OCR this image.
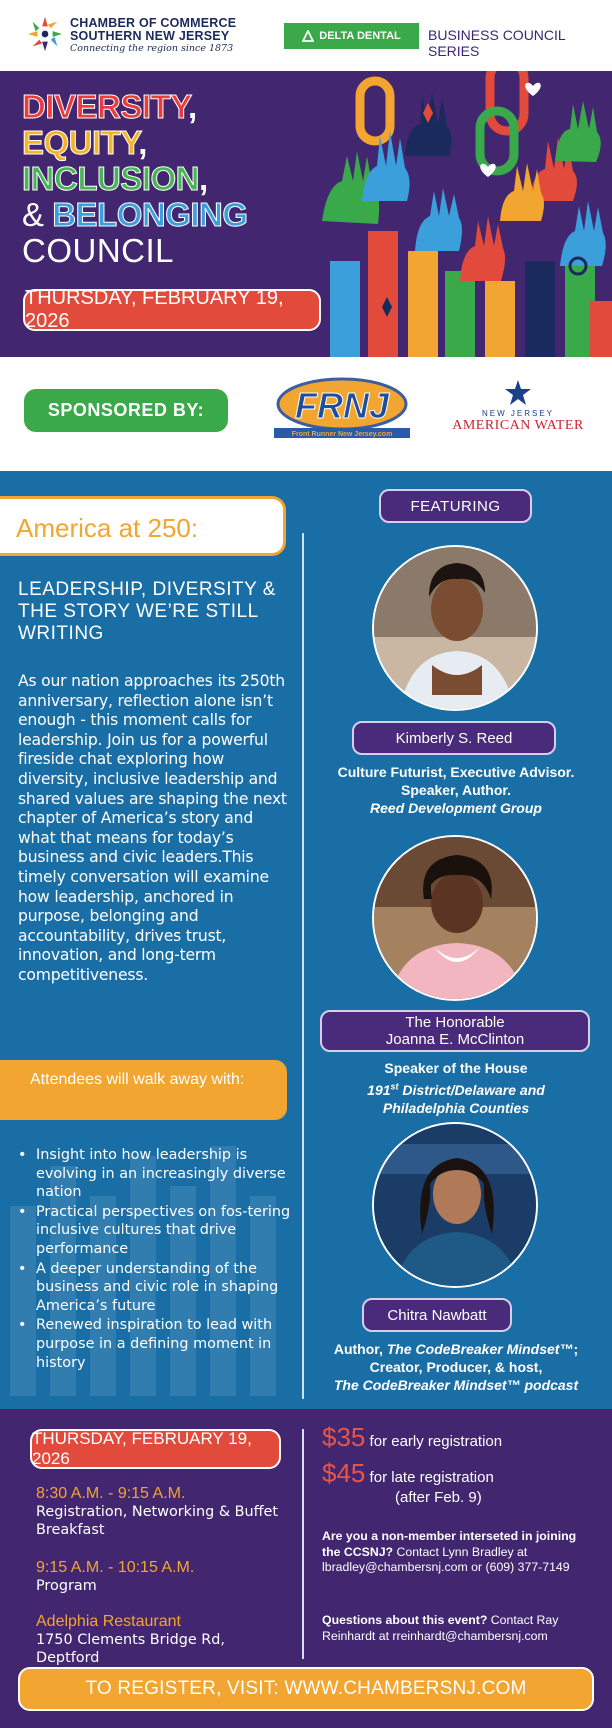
CHAMBER OF COMMERCE
SOUTHERN NEW JERSEY
Connecting the region since 1873
DELTA DENTAL BUSINESS COUNCIL SERIES
DIVERSITY,
EQUITY,
INCLUSION,
& BELONGING
COUNCIL
THURSDAY, FEBRUARY 19, 2026
SPONSORED BY:	FRNJ
Front Runner New Jersey.com
NEW JERSEY
AMERICAN WATER
America at 250:
LEADERSHIP, DIVERSITY & THE STORY WE’RE STILL WRITING
As our nation approaches its 250th anniversary, reflection alone isn’t enough - this moment calls for leadership. Join us for a powerful fireside chat exploring how diversity, inclusive leadership and shared values are shaping the next chapter of America’s story and what that means for today’s business and civic leaders.This timely conversation will examine how leadership, anchored in purpose, belonging and accountability, drives trust, innovation, and long-term competitiveness.
Attendees will walk away with:
• Insight into how leadership is evolving in an increasingly diverse nation
• Practical perspectives on fos-tering inclusive cultures that drive performance
• A deeper understanding of the business and civic role in shaping America’s future
• Renewed inspiration to lead with purpose in a defining moment in history
FEATURING
Kimberly S. Reed
Culture Futurist, Executive Advisor.
Speaker, Author.
Reed Development Group
The Honorable
Joanna E. McClinton
Speaker of the House
191st District/Delaware and
Philadelphia Counties
Chitra Nawbatt
Author, The CodeBreaker Mindset™;
Creator, Producer, & host,
The CodeBreaker Mindset™ podcast
THURSDAY, FEBRUARY 19, 2026
8:30 A.M. - 9:15 A.M.
Registration, Networking & Buffet Breakfast
9:15 A.M. - 10:15 A.M.
Program
Adelphia Restaurant
1750 Clements Bridge Rd, Deptford
$35 for early registration
$45 for late registration
(after Feb. 9)
Are you a non-member interseted in joining the CCSNJ? Contact Lynn Bradley at lbradley@chambersnj.com or (609) 377-7149
Questions about this event? Contact Ray Reinhardt at rreinhardt@chambersnj.com
TO REGISTER, VISIT: WWW.CHAMBERSNJ.COM
